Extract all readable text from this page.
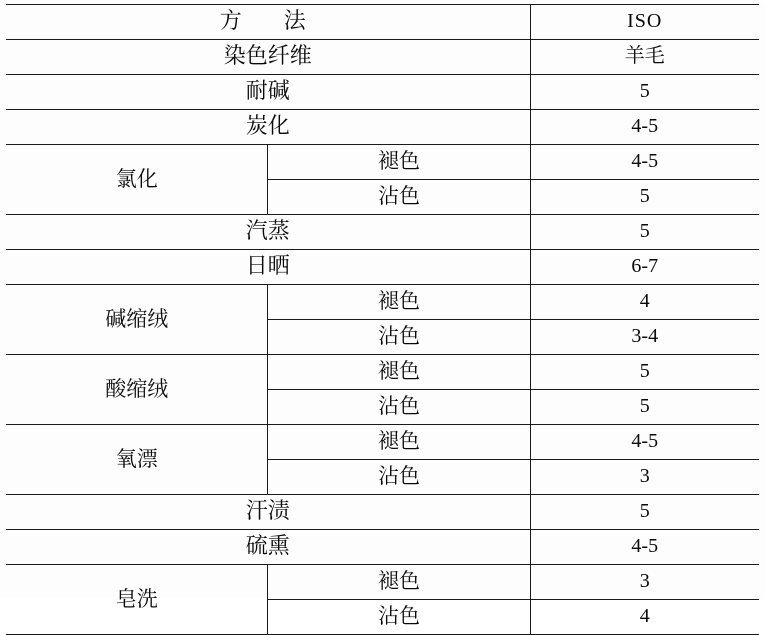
方　法		ISO
染色纤维		羊毛
耐碱		5
炭化		4-5
氯化	褪色	4-5
	沾色	5
汽蒸		5
日晒		6-7
碱缩绒	褪色	4
	沾色	3-4
酸缩绒	褪色	5
	沾色	5
氧漂	褪色	4-5
	沾色	3
汗渍		5
硫熏		4-5
皂洗	褪色	3
	沾色	4
